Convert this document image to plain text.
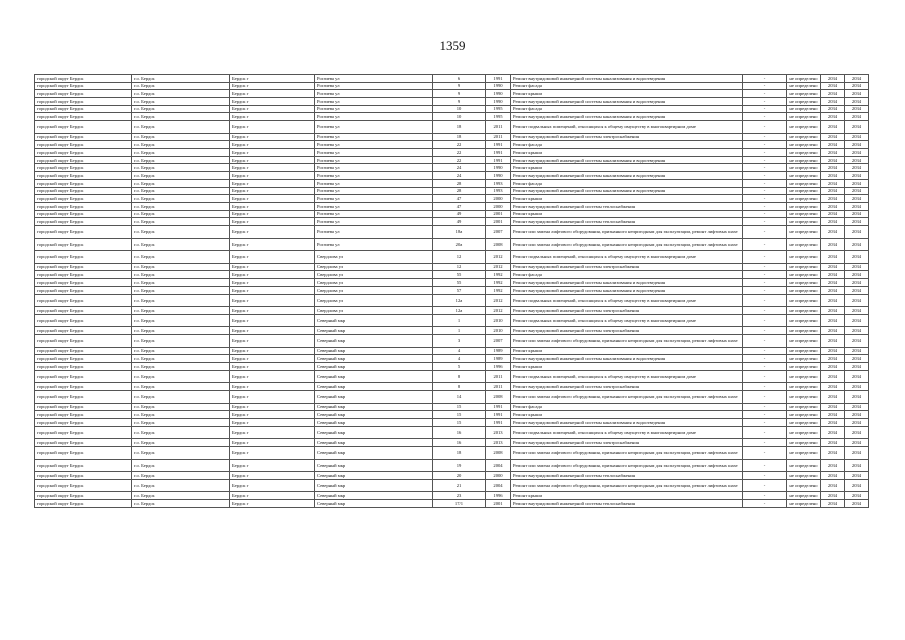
1359
городской округ Бердск	г.о. Бердск	Бердск г	Рогачева ул	6	1991	Ремонт внутридомовой инженерной системы канализования и водоотведения	-	не определено	2034	2034
городской округ Бердск	г.о. Бердск	Бердск г	Рогачева ул	9	1990	Ремонт фасада	-	не определено	2034	2034
городской округ Бердск	г.о. Бердск	Бердск г	Рогачева ул	9	1990	Ремонт крыши	-	не определено	2034	2034
городской округ Бердск	г.о. Бердск	Бердск г	Рогачева ул	9	1990	Ремонт внутридомовой инженерной системы канализования и водоотведения	-	не определено	2034	2034
городской округ Бердск	г.о. Бердск	Бердск г	Рогачева ул	10	1995	Ремонт фасада	-	не определено	2034	2034
городской округ Бердск	г.о. Бердск	Бердск г	Рогачева ул	10	1995	Ремонт внутридомовой инженерной системы канализования и водоотведения	-	не определено	2034	2034
городской округ Бердск	г.о. Бердск	Бердск г	Рогачева ул	18	2011	Ремонт подвальных помещений, относящихся к общему имуществу в многоквартирном доме	-	не определено	2034	2034
городской округ Бердск	г.о. Бердск	Бердск г	Рогачева ул	18	2011	Ремонт внутридомовой инженерной системы электроснабжения	-	не определено	2034	2034
городской округ Бердск	г.о. Бердск	Бердск г	Рогачева ул	22	1991	Ремонт фасада	-	не определено	2034	2034
городской округ Бердск	г.о. Бердск	Бердск г	Рогачева ул	22	1991	Ремонт крыши	-	не определено	2034	2034
городской округ Бердск	г.о. Бердск	Бердск г	Рогачева ул	22	1991	Ремонт внутридомовой инженерной системы канализования и водоотведения	-	не определено	2034	2034
городской округ Бердск	г.о. Бердск	Бердск г	Рогачева ул	24	1990	Ремонт крыши	-	не определено	2034	2034
городской округ Бердск	г.о. Бердск	Бердск г	Рогачева ул	24	1990	Ремонт внутридомовой инженерной системы канализования и водоотведения	-	не определено	2034	2034
городской округ Бердск	г.о. Бердск	Бердск г	Рогачева ул	28	1993	Ремонт фасада	-	не определено	2034	2034
городской округ Бердск	г.о. Бердск	Бердск г	Рогачева ул	28	1993	Ремонт внутридомовой инженерной системы канализования и водоотведения	-	не определено	2034	2034
городской округ Бердск	г.о. Бердск	Бердск г	Рогачева ул	47	2000	Ремонт крыши	-	не определено	2034	2034
городской округ Бердск	г.о. Бердск	Бердск г	Рогачева ул	47	2000	Ремонт внутридомовой инженерной системы теплоснабжения	-	не определено	2034	2034
городской округ Бердск	г.о. Бердск	Бердск г	Рогачева ул	49	2001	Ремонт крыши	-	не определено	2034	2034
городской округ Бердск	г.о. Бердск	Бердск г	Рогачева ул	49	2001	Ремонт внутридомовой инженерной системы теплоснабжения	-	не определено	2034	2034
городской округ Бердск	г.о. Бердск	Бердск г	Рогачева ул	18а	2007	Ремонт или замена лифтового оборудования, признанного непригодным для эксплуатации, ремонт лифтовых шахт	-	не определено	2034	2034
городской округ Бердск	г.о. Бердск	Бердск г	Рогачева ул	20а	2008	Ремонт или замена лифтового оборудования, признанного непригодным для эксплуатации, ремонт лифтовых шахт	-	не определено	2034	2034
городской округ Бердск	г.о. Бердск	Бердск г	Свердлова ул	12	2012	Ремонт подвальных помещений, относящихся к общему имуществу в многоквартирном доме	-	не определено	2034	2034
городской округ Бердск	г.о. Бердск	Бердск г	Свердлова ул	12	2012	Ремонт внутридомовой инженерной системы электроснабжения	-	не определено	2034	2034
городской округ Бердск	г.о. Бердск	Бердск г	Свердлова ул	55	1992	Ремонт фасада	-	не определено	2034	2034
городской округ Бердск	г.о. Бердск	Бердск г	Свердлова ул	55	1992	Ремонт внутридомовой инженерной системы канализования и водоотведения	-	не определено	2034	2034
городской округ Бердск	г.о. Бердск	Бердск г	Свердлова ул	57	1992	Ремонт внутридомовой инженерной системы канализования и водоотведения	-	не определено	2034	2034
городской округ Бердск	г.о. Бердск	Бердск г	Свердлова ул	12а	2012	Ремонт подвальных помещений, относящихся к общему имуществу в многоквартирном доме	-	не определено	2034	2034
городской округ Бердск	г.о. Бердск	Бердск г	Свердлова ул	12а	2012	Ремонт внутридомовой инженерной системы электроснабжения	-	не определено	2034	2034
городской округ Бердск	г.о. Бердск	Бердск г	Северный мкр	1	2010	Ремонт подвальных помещений, относящихся к общему имуществу в многоквартирном доме	-	не определено	2034	2034
городской округ Бердск	г.о. Бердск	Бердск г	Северный мкр	1	2010	Ремонт внутридомовой инженерной системы электроснабжения	-	не определено	2034	2034
городской округ Бердск	г.о. Бердск	Бердск г	Северный мкр	3	2007	Ремонт или замена лифтового оборудования, признанного непригодным для эксплуатации, ремонт лифтовых шахт	-	не определено	2034	2034
городской округ Бердск	г.о. Бердск	Бердск г	Северный мкр	4	1989	Ремонт крыши	-	не определено	2034	2034
городской округ Бердск	г.о. Бердск	Бердск г	Северный мкр	4	1989	Ремонт внутридомовой инженерной системы канализования и водоотведения	-	не определено	2034	2034
городской округ Бердск	г.о. Бердск	Бердск г	Северный мкр	5	1996	Ремонт крыши	-	не определено	2034	2034
городской округ Бердск	г.о. Бердск	Бердск г	Северный мкр	8	2011	Ремонт подвальных помещений, относящихся к общему имуществу в многоквартирном доме	-	не определено	2034	2034
городской округ Бердск	г.о. Бердск	Бердск г	Северный мкр	8	2011	Ремонт внутридомовой инженерной системы электроснабжения	-	не определено	2034	2034
городской округ Бердск	г.о. Бердск	Бердск г	Северный мкр	14	2008	Ремонт или замена лифтового оборудования, признанного непригодным для эксплуатации, ремонт лифтовых шахт	-	не определено	2034	2034
городской округ Бердск	г.о. Бердск	Бердск г	Северный мкр	15	1991	Ремонт фасада	-	не определено	2034	2034
городской округ Бердск	г.о. Бердск	Бердск г	Северный мкр	15	1991	Ремонт крыши	-	не определено	2034	2034
городской округ Бердск	г.о. Бердск	Бердск г	Северный мкр	15	1991	Ремонт внутридомовой инженерной системы канализования и водоотведения	-	не определено	2034	2034
городской округ Бердск	г.о. Бердск	Бердск г	Северный мкр	16	2013	Ремонт подвальных помещений, относящихся к общему имуществу в многоквартирном доме	-	не определено	2034	2034
городской округ Бердск	г.о. Бердск	Бердск г	Северный мкр	16	2013	Ремонт внутридомовой инженерной системы электроснабжения	-	не определено	2034	2034
городской округ Бердск	г.о. Бердск	Бердск г	Северный мкр	18	2008	Ремонт или замена лифтового оборудования, признанного непригодным для эксплуатации, ремонт лифтовых шахт	-	не определено	2034	2034
городской округ Бердск	г.о. Бердск	Бердск г	Северный мкр	19	2004	Ремонт или замена лифтового оборудования, признанного непригодным для эксплуатации, ремонт лифтовых шахт	-	не определено	2034	2034
городской округ Бердск	г.о. Бердск	Бердск г	Северный мкр	20	2000	Ремонт внутридомовой инженерной системы теплоснабжения	-	не определено	2034	2034
городской округ Бердск	г.о. Бердск	Бердск г	Северный мкр	21	2004	Ремонт или замена лифтового оборудования, признанного непригодным для эксплуатации, ремонт лифтовых шахт	-	не определено	2034	2034
городской округ Бердск	г.о. Бердск	Бердск г	Северный мкр	23	1996	Ремонт крыши	-	не определено	2034	2034
городской округ Бердск	г.о. Бердск	Бердск г	Северный мкр	17/1	2001	Ремонт внутридомовой инженерной системы теплоснабжения	-	не определено	2034	2034
